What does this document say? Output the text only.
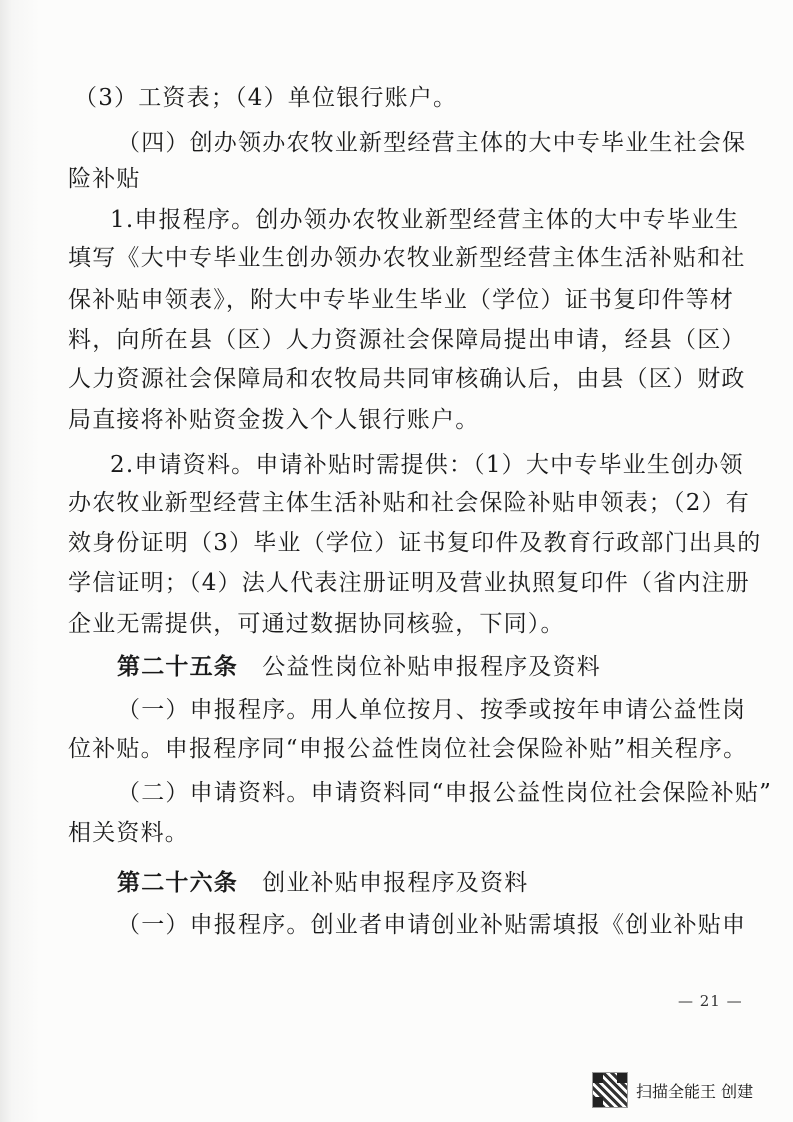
（3）工资表；（4）单位银行账户。
（四）创办领办农牧业新型经营主体的大中专毕业生社会保
险补贴
1.申报程序。创办领办农牧业新型经营主体的大中专毕业生
填写《大中专毕业生创办领办农牧业新型经营主体生活补贴和社
保补贴申领表》，附大中专毕业生毕业（学位）证书复印件等材
料，向所在县（区）人力资源社会保障局提出申请，经县（区）
人力资源社会保障局和农牧局共同审核确认后，由县（区）财政
局直接将补贴资金拨入个人银行账户。
2.申请资料。申请补贴时需提供：（1）大中专毕业生创办领
办农牧业新型经营主体生活补贴和社会保险补贴申领表；（2）有
效身份证明（3）毕业（学位）证书复印件及教育行政部门出具的
学信证明；（4）法人代表注册证明及营业执照复印件（省内注册
企业无需提供，可通过数据协同核验，下同）。
第二十五条　公益性岗位补贴申报程序及资料
（一）申报程序。用人单位按月、按季或按年申请公益性岗
位补贴。申报程序同“申报公益性岗位社会保险补贴”相关程序。
（二）申请资料。申请资料同“申报公益性岗位社会保险补贴”
相关资料。
第二十六条　创业补贴申报程序及资料
（一）申报程序。创业者申请创业补贴需填报《创业补贴申
— 21 —
扫描全能王 创建
